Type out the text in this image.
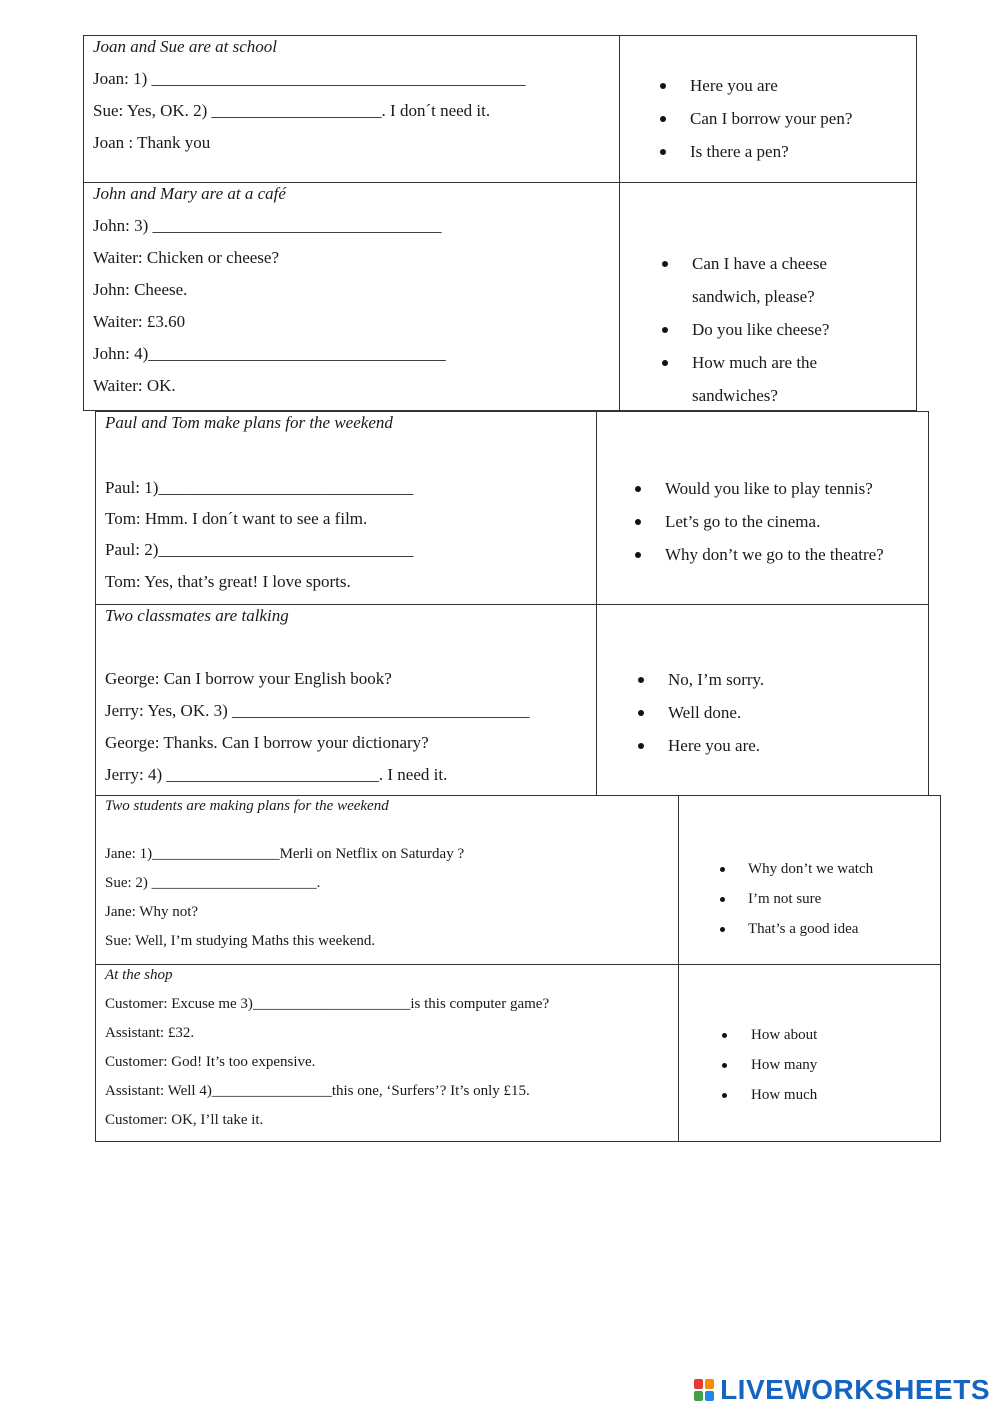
Joan and Sue are at school
Joan: 1) ____________________________________________
Sue: Yes, OK. 2) ____________________. I don´t need it.
Joan : Thank you
Here you are
Can I borrow your pen?
Is there a pen?
John and Mary are at a café
John: 3) __________________________________
Waiter: Chicken or cheese?
John: Cheese.
Waiter: £3.60
John: 4)___________________________________
Waiter: OK.
Can I have a cheese
sandwich, please?
Do you like cheese?
How much are the
sandwiches?
Paul and Tom make plans for the weekend
Paul: 1)______________________________
Tom: Hmm. I don´t want to see a film.
Paul: 2)______________________________
Tom: Yes, that’s great! I love sports.
Would you like to play tennis?
Let’s go to the cinema.
Why don’t we go to the theatre?
Two classmates are talking
George: Can I borrow your English book?
Jerry: Yes, OK. 3) ___________________________________
George: Thanks. Can I borrow your dictionary?
Jerry: 4) _________________________. I need it.
No, I’m sorry.
Well done.
Here you are.
Two students are making plans for the weekend
Jane: 1)_________________Merli on Netflix on Saturday ?
Sue: 2) ______________________.
Jane: Why not?
Sue: Well, I’m studying Maths this weekend.
Why don’t we watch
I’m not sure
That’s a good idea
At the shop
Customer: Excuse me 3)_____________________is this computer game?
Assistant: £32.
Customer: God! It’s too expensive.
Assistant: Well 4)________________this one, ‘Surfers’? It’s only £15.
Customer: OK, I’ll take it.
How about
How many
How much
LIVEWORKSHEETS
